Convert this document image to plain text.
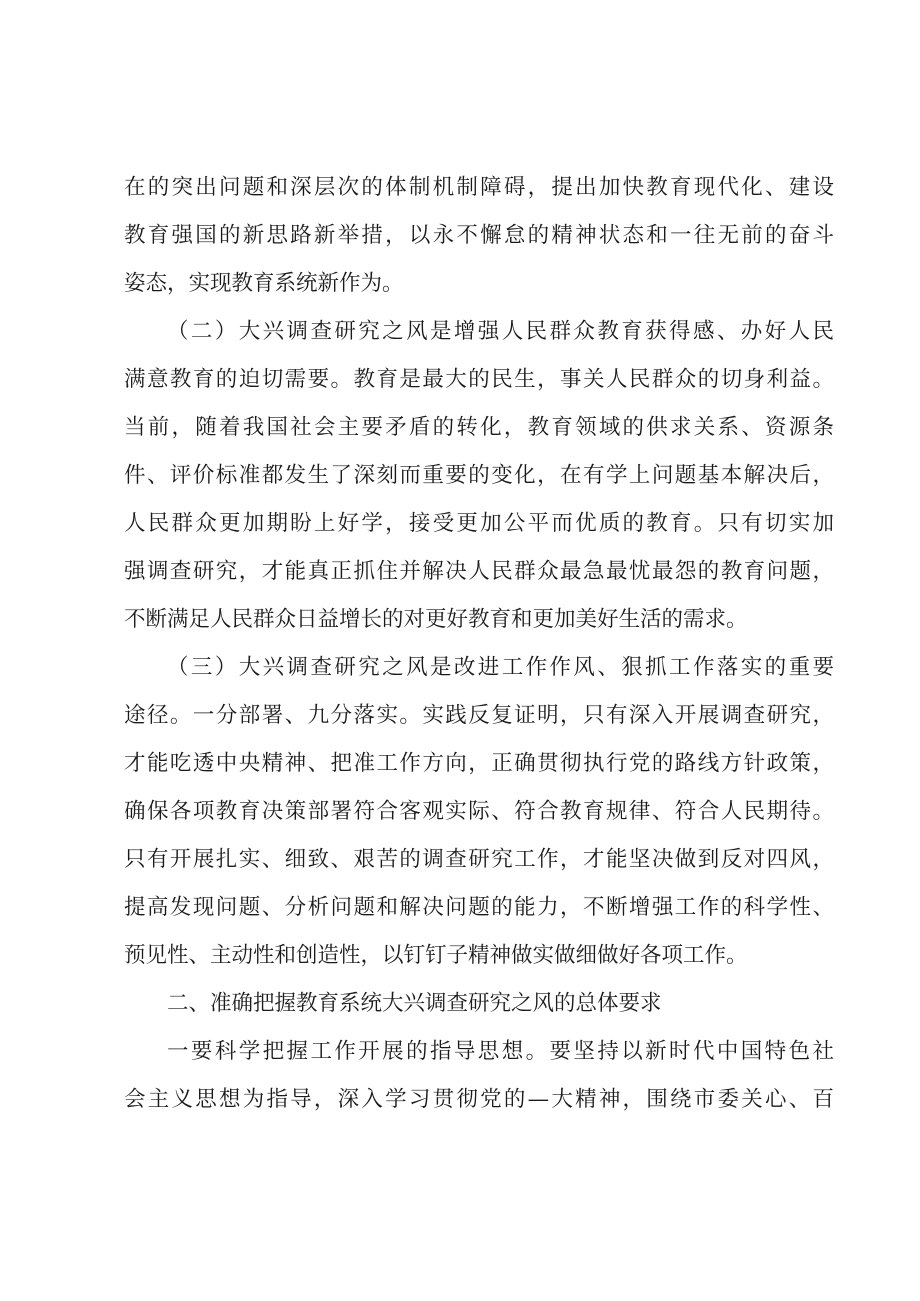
在的突出问题和深层次的体制机制障碍，提出加快教育现代化、建设
教育强国的新思路新举措，以永不懈怠的精神状态和一往无前的奋斗
姿态，实现教育系统新作为。
（二）大兴调查研究之风是增强人民群众教育获得感、办好人民
满意教育的迫切需要。教育是最大的民生，事关人民群众的切身利益。
当前，随着我国社会主要矛盾的转化，教育领域的供求关系、资源条
件、评价标准都发生了深刻而重要的变化，在有学上问题基本解决后，
人民群众更加期盼上好学，接受更加公平而优质的教育。只有切实加
强调查研究，才能真正抓住并解决人民群众最急最忧最怨的教育问题，
不断满足人民群众日益增长的对更好教育和更加美好生活的需求。
（三）大兴调查研究之风是改进工作作风、狠抓工作落实的重要
途径。一分部署、九分落实。实践反复证明，只有深入开展调查研究，
才能吃透中央精神、把准工作方向，正确贯彻执行党的路线方针政策，
确保各项教育决策部署符合客观实际、符合教育规律、符合人民期待。
只有开展扎实、细致、艰苦的调查研究工作，才能坚决做到反对四风，
提高发现问题、分析问题和解决问题的能力，不断增强工作的科学性、
预见性、主动性和创造性，以钉钉子精神做实做细做好各项工作。
二、准确把握教育系统大兴调查研究之风的总体要求
一要科学把握工作开展的指导思想。要坚持以新时代中国特色社
会主义思想为指导，深入学习贯彻党的—大精神，围绕市委关心、百
